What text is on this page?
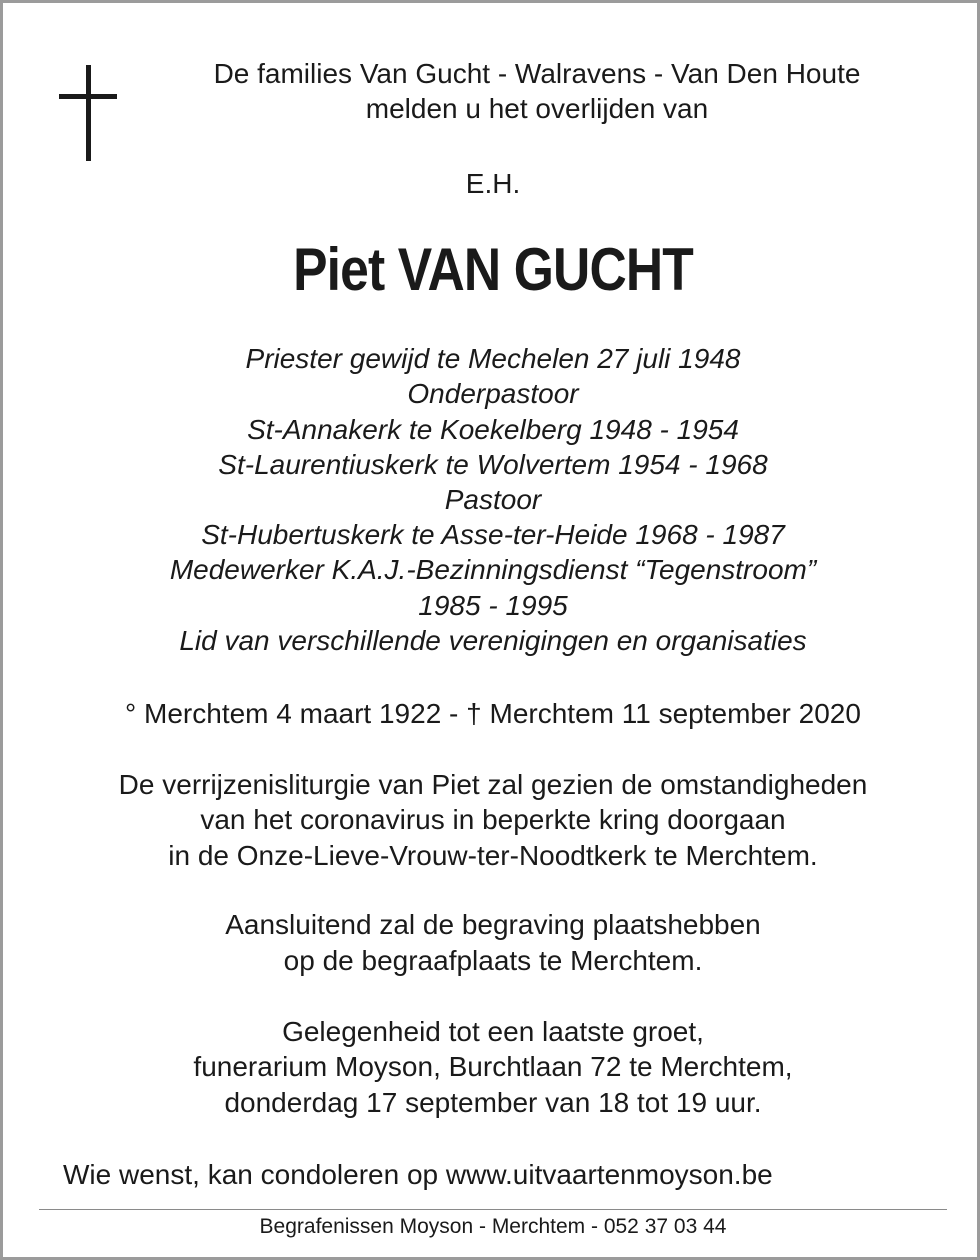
De families Van Gucht - Walravens - Van Den Houte
melden u het overlijden van
E.H.
Piet VAN GUCHT
Priester gewijd te Mechelen 27 juli 1948
Onderpastoor
St-Annakerk te Koekelberg 1948 - 1954
St-Laurentiuskerk te Wolvertem 1954 - 1968
Pastoor
St-Hubertuskerk te Asse-ter-Heide 1968 - 1987
Medewerker K.A.J.-Bezinningsdienst “Tegenstroom”
1985 - 1995
Lid van verschillende verenigingen en organisaties
° Merchtem 4 maart 1922 - † Merchtem 11 september 2020
De verrijzenisliturgie van Piet zal gezien de omstandigheden
van het coronavirus in beperkte kring doorgaan
in de Onze-Lieve-Vrouw-ter-Noodtkerk te Merchtem.
Aansluitend zal de begraving plaatshebben
op de begraafplaats te Merchtem.
Gelegenheid tot een laatste groet,
funerarium Moyson, Burchtlaan 72 te Merchtem,
donderdag 17 september van 18 tot 19 uur.
Wie wenst, kan condoleren op www.uitvaartenmoyson.be
Begrafenissen Moyson - Merchtem - 052 37 03 44
